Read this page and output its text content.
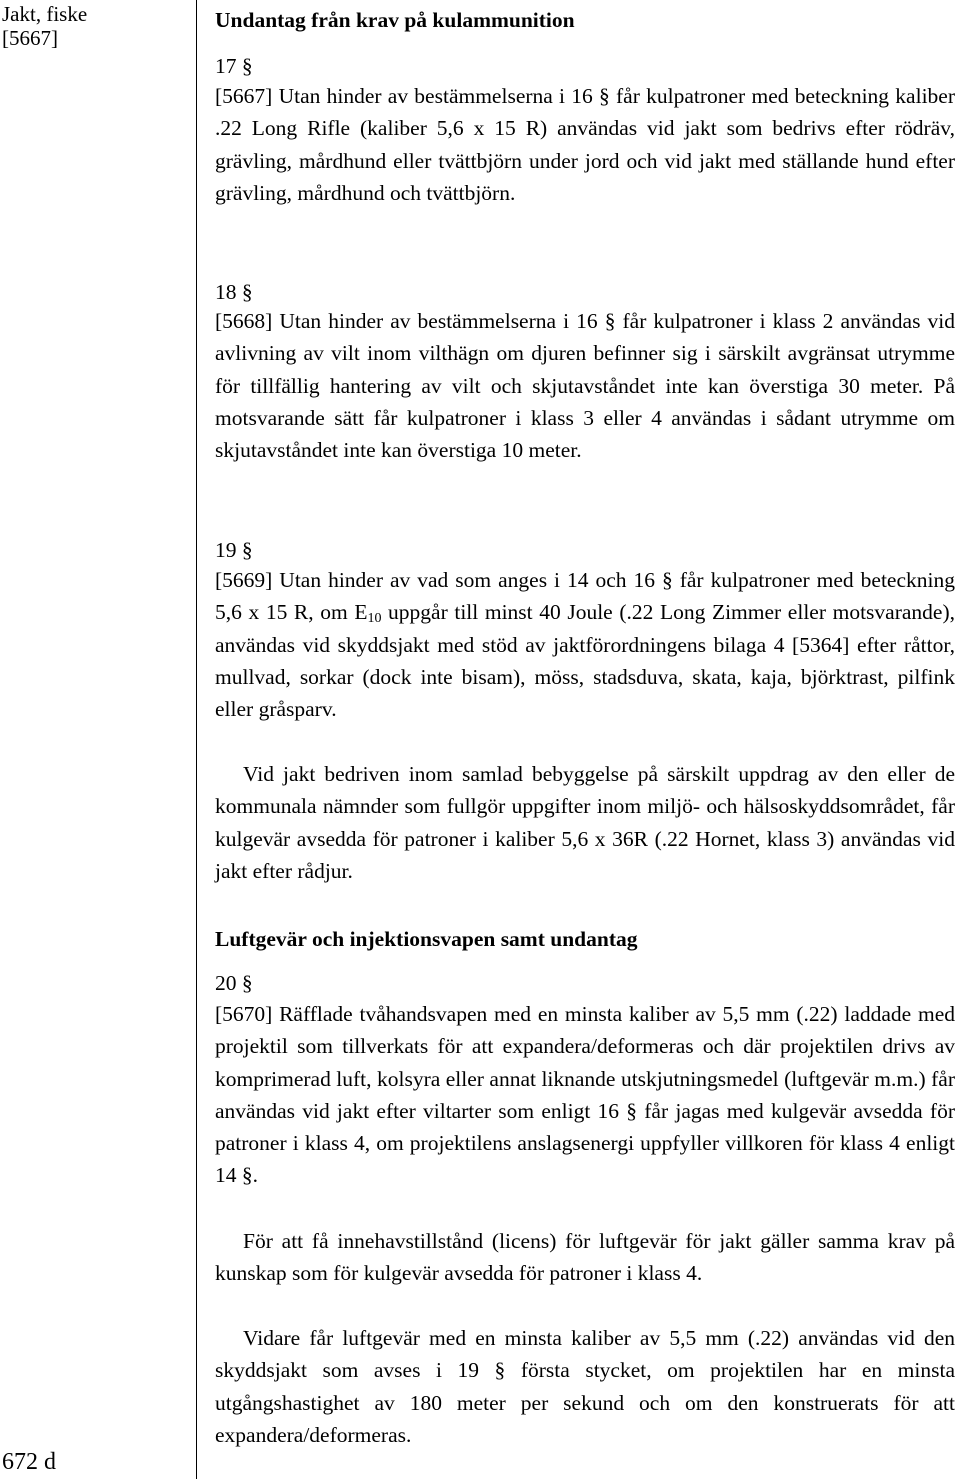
Jakt, fiske
[5667]
672 d
Undantag från krav på kulammunition
17 §
[5667] Utan hinder av bestämmelserna i 16 § får kulpatroner med beteckning kaliber .22 Long Rifle (kaliber 5,6 x 15 R) användas vid jakt som bedrivs efter rödräv, grävling, mårdhund eller tvättbjörn under jord och vid jakt med ställande hund efter grävling, mårdhund och tvättbjörn.
18 §
[5668] Utan hinder av bestämmelserna i 16 § får kulpatroner i klass 2 användas vid avlivning av vilt inom vilthägn om djuren befinner sig i särskilt avgränsat utrymme för tillfällig hantering av vilt och skjutavståndet inte kan överstiga 30 meter. På motsvarande sätt får kulpatroner i klass 3 eller 4 användas i sådant utrymme om skjutavståndet inte kan överstiga 10 meter.
19 §
[5669] Utan hinder av vad som anges i 14 och 16 § får kulpatroner med beteckning 5,6 x 15 R, om $E_{10}$ uppgår till minst 40 Joule (.22 Long Zimmer eller motsvarande), användas vid skyddsjakt med stöd av jaktförordningens bilaga 4 [5364] efter råttor, mullvad, sorkar (dock inte bisam), möss, stadsduva, skata, kaja, björktrast, pilfink eller gråsparv.
Vid jakt bedriven inom samlad bebyggelse på särskilt uppdrag av den eller de kommunala nämnder som fullgör uppgifter inom miljö- och hälsoskyddsområdet, får kulgevär avsedda för patroner i kaliber 5,6 x 36R (.22 Hornet, klass 3) användas vid jakt efter rådjur.
Luftgevär och injektionsvapen samt undantag
20 §
[5670] Räfflade tvåhandsvapen med en minsta kaliber av 5,5 mm (.22) laddade med projektil som tillverkats för att expandera/deformeras och där projektilen drivs av komprimerad luft, kolsyra eller annat liknande utskjutningsmedel (luftgevär m.m.) får användas vid jakt efter viltarter som enligt 16 § får jagas med kulgevär avsedda för patroner i klass 4, om projektilens anslagsenergi uppfyller villkoren för klass 4 enligt 14 §.
För att få innehavstillstånd (licens) för luftgevär för jakt gäller samma krav på kunskap som för kulgevär avsedda för patroner i klass 4.
Vidare får luftgevär med en minsta kaliber av 5,5 mm (.22) användas vid den skyddsjakt som avses i 19 § första stycket, om projektilen har en minsta utgångshastighet av 180 meter per sekund och om den konstruerats för att expandera/deformeras.
